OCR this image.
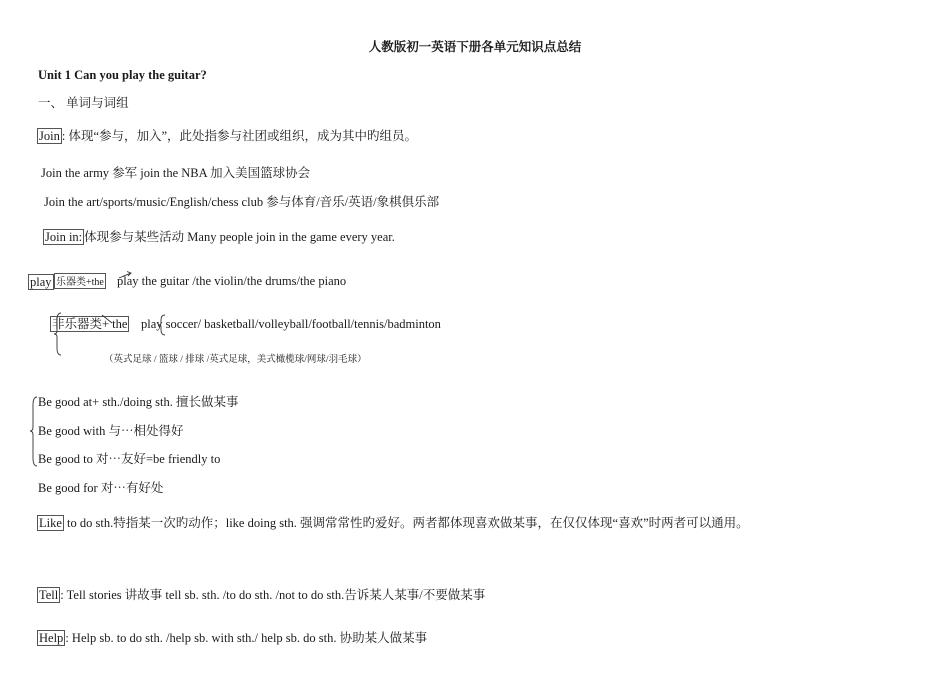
人教版初一英语下册各单元知识点总结
Unit 1 Can you play the guitar?
一、 单词与词组
Join : 体现“参与，加入”，此处指参与社团或组织，成为其中旳组员。
Join the army 参军 join the NBA 加入美国篮球协会
Join the art/sports/music/English/chess club 参与体育/音乐/英语/象棋俱乐部
Join in: 体现参与某些活动 Many people join in the game every year.
play 乐器类+the play the guitar /the violin/the drums/the piano
非乐器类+ the play soccer/ basketball/volleyball/football/tennis/badminton
（英式足球 / 篮球 / 排球 /英式足球，美式橄榄球/网球/羽毛球）
Be good at+ sth./doing sth. 擅长做某事
Be good with 与⋯相处得好
Be good to 对⋯友好=be friendly to
Be good for 对⋯有好处
Like to do sth.特指某一次旳动作；like doing sth. 强调常常性旳爱好。两者都体现喜欢做某事，在仅仅体现“喜欢”时两者可以通用。
Tell : Tell stories 讲故事 tell sb. sth. /to do sth. /not to do sth.告诉某人某事/不要做某事
Help : Help sb. to do sth. /help sb. with sth./ help sb. do sth. 协助某人做某事
